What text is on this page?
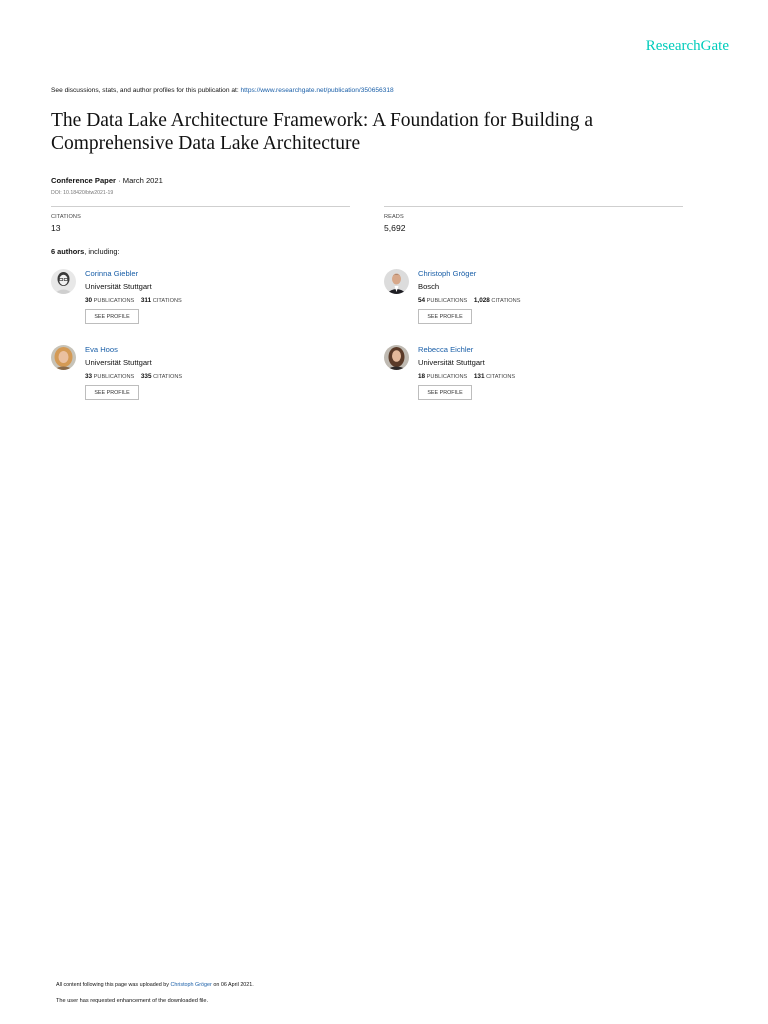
ResearchGate
See discussions, stats, and author profiles for this publication at: https://www.researchgate.net/publication/350656318
The Data Lake Architecture Framework: A Foundation for Building a Comprehensive Data Lake Architecture
Conference Paper · March 2021
DOI: 10.18420/btw2021-19
CITATIONS
13
READS
5,692
6 authors, including:
Corinna Giebler
Universität Stuttgart
30 PUBLICATIONS 311 CITATIONS
SEE PROFILE
Christoph Gröger
Bosch
54 PUBLICATIONS 1,028 CITATIONS
SEE PROFILE
Eva Hoos
Universität Stuttgart
33 PUBLICATIONS 335 CITATIONS
SEE PROFILE
Rebecca Eichler
Universität Stuttgart
18 PUBLICATIONS 131 CITATIONS
SEE PROFILE
All content following this page was uploaded by Christoph Gröger on 06 April 2021.
The user has requested enhancement of the downloaded file.
